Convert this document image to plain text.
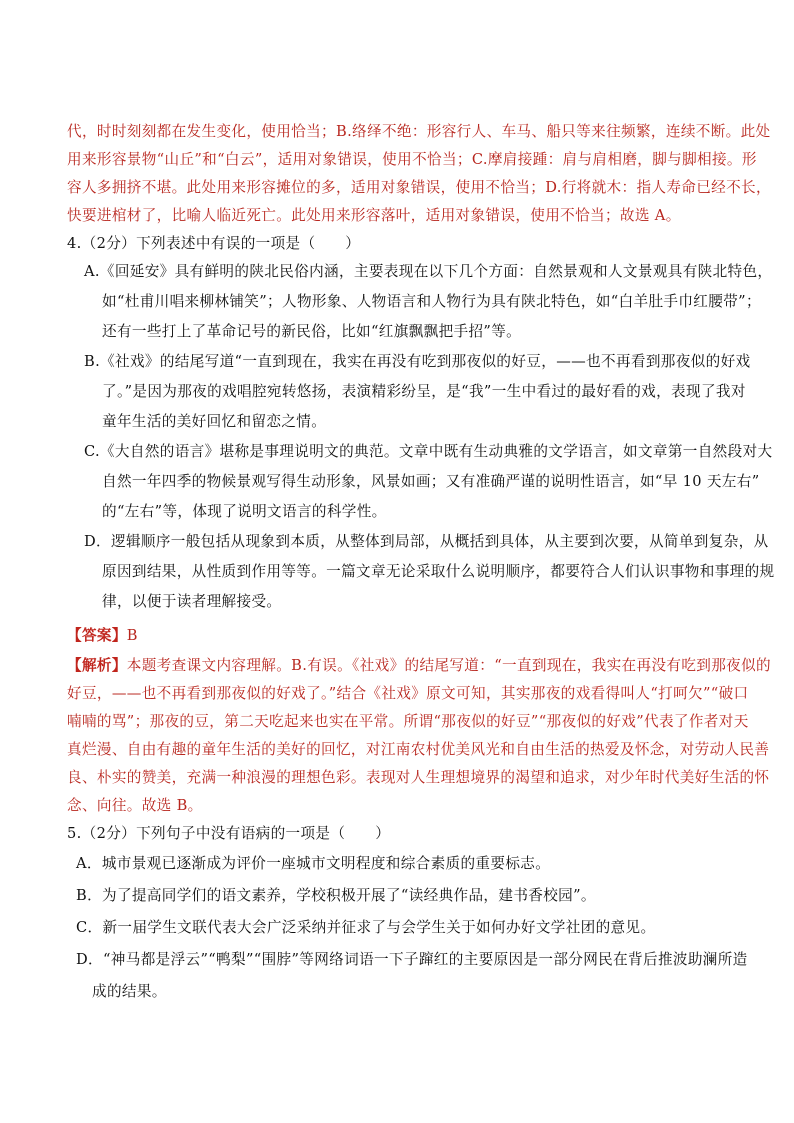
代，时时刻刻都在发生变化，使用恰当；B.络绎不绝：形容行人、车马、船只等来往频繁，连续不断。此处
用来形容景物“山丘”和“白云”，适用对象错误，使用不恰当；C.摩肩接踵：肩与肩相磨，脚与脚相接。形
容人多拥挤不堪。此处用来形容摊位的多，适用对象错误，使用不恰当；D.行将就木：指人寿命已经不长，
快要进棺材了，比喻人临近死亡。此处用来形容落叶，适用对象错误，使用不恰当；故选 A。
4.（2分）下列表述中有误的一项是（　　）
A.《回延安》具有鲜明的陕北民俗内涵，主要表现在以下几个方面：自然景观和人文景观具有陕北特色，
如“杜甫川唱来柳林铺笑”；人物形象、人物语言和人物行为具有陕北特色，如“白羊肚手巾红腰带”；
还有一些打上了革命记号的新民俗，比如“红旗飘飘把手招”等。
B.《社戏》的结尾写道“一直到现在，我实在再没有吃到那夜似的好豆，——也不再看到那夜似的好戏
了。”是因为那夜的戏唱腔宛转悠扬，表演精彩纷呈，是“我”一生中看过的最好看的戏，表现了我对
童年生活的美好回忆和留恋之情。
C.《大自然的语言》堪称是事理说明文的典范。文章中既有生动典雅的文学语言，如文章第一自然段对大
自然一年四季的物候景观写得生动形象，风景如画；又有准确严谨的说明性语言，如“早 10 天左右”
的“左右”等，体现了说明文语言的科学性。
D．逻辑顺序一般包括从现象到本质，从整体到局部，从概括到具体，从主要到次要，从简单到复杂，从
原因到结果，从性质到作用等等。一篇文章无论采取什么说明顺序，都要符合人们认识事物和事理的规
律，以便于读者理解接受。
【答案】B
【解析】本题考查课文内容理解。B.有误。《社戏》的结尾写道：“一直到现在，我实在再没有吃到那夜似的
好豆，——也不再看到那夜似的好戏了。”结合《社戏》原文可知，其实那夜的戏看得叫人“打呵欠”“破口
喃喃的骂”；那夜的豆，第二天吃起来也实在平常。所谓“那夜似的好豆”“那夜似的好戏”代表了作者对天
真烂漫、自由有趣的童年生活的美好的回忆，对江南农村优美风光和自由生活的热爱及怀念，对劳动人民善
良、朴实的赞美，充满一种浪漫的理想色彩。表现对人生理想境界的渴望和追求，对少年时代美好生活的怀
念、向往。故选 B。
5.（2分）下列句子中没有语病的一项是（　　）
A．城市景观已逐渐成为评价一座城市文明程度和综合素质的重要标志。
B．为了提高同学们的语文素养，学校积极开展了“读经典作品，建书香校园”。
C．新一届学生文联代表大会广泛采纳并征求了与会学生关于如何办好文学社团的意见。
D．“神马都是浮云”“鸭梨”“围脖”等网络词语一下子蹿红的主要原因是一部分网民在背后推波助澜所造
成的结果。
